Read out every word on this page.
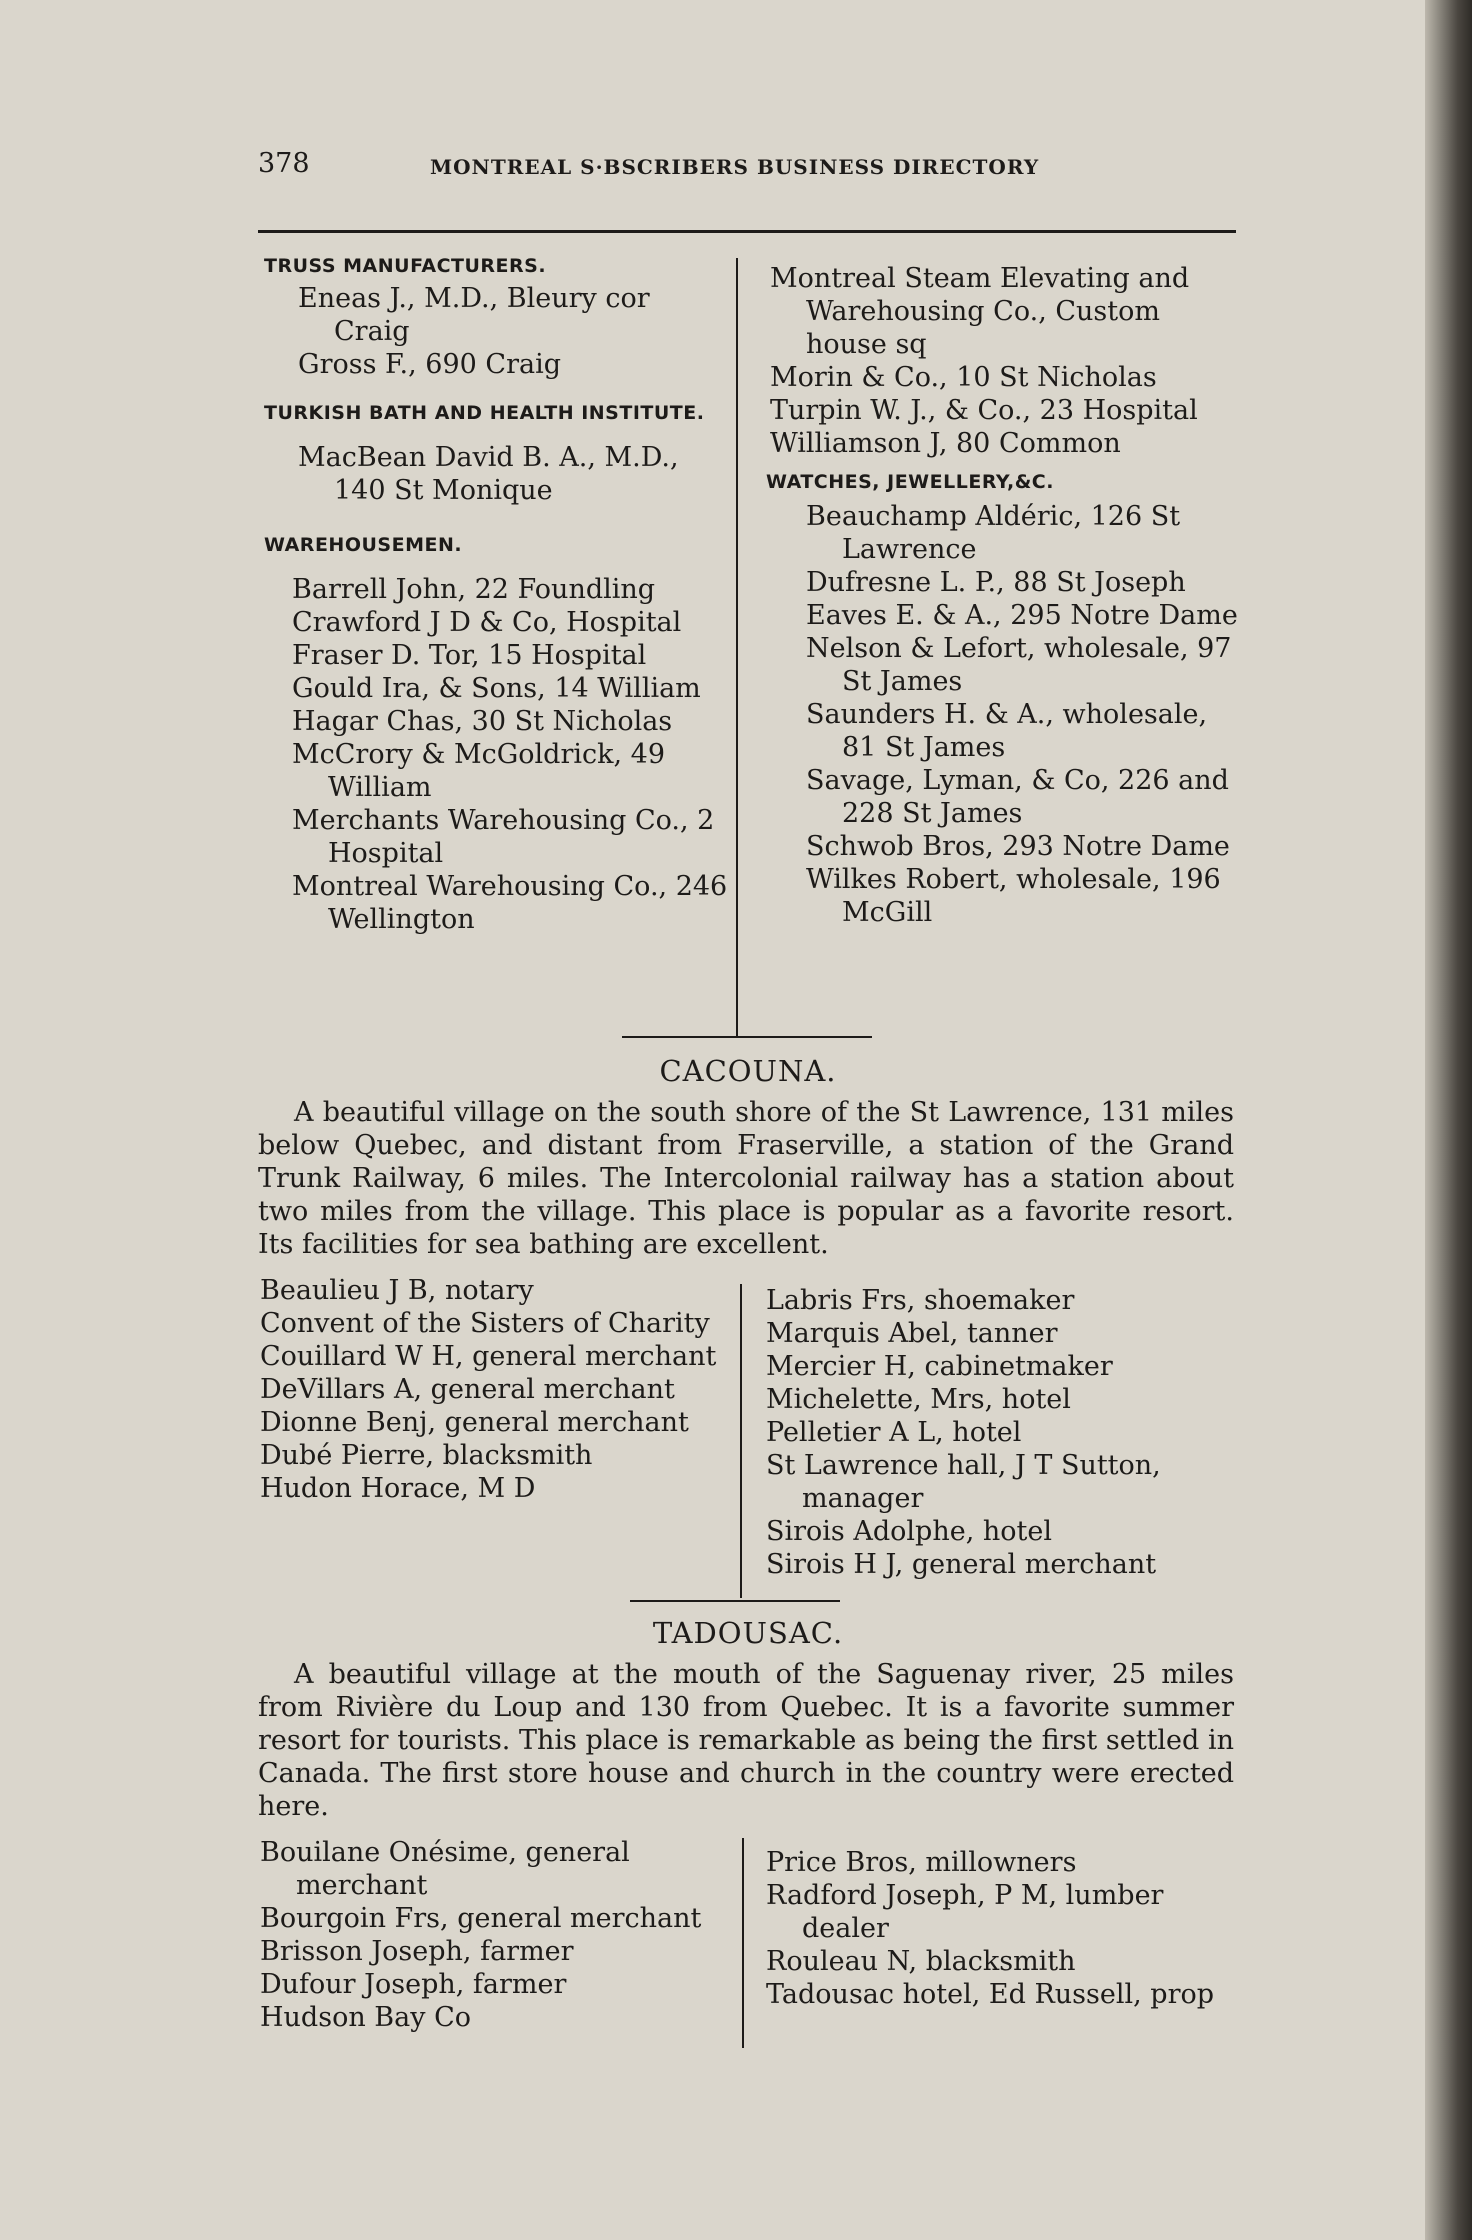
378	MONTREAL S·BSCRIBERS BUSINESS DIRECTORY

TRUSS MANUFACTURERS.

Eneas J., M.D., Bleury cor Craig

Gross F., 690 Craig

TURKISH BATH AND HEALTH INSTITUTE.

MacBean David B. A., M.D., 140 St Monique

WAREHOUSEMEN.

Barrell John, 22 Foundling

Crawford J D & Co, Hospital

Fraser D. Tor, 15 Hospital

Gould Ira, & Sons, 14 William

Hagar Chas, 30 St Nicholas

McCrory & McGoldrick, 49 William

Merchants Warehousing Co., 2 Hospital

Montreal Warehousing Co., 246 Wellington

Montreal Steam Elevating and Warehousing Co., Custom house sq

Morin & Co., 10 St Nicholas

Turpin W. J., & Co., 23 Hospital

Williamson J, 80 Common

WATCHES, JEWELLERY,&C.

Beauchamp Aldéric, 126 St Lawrence

Dufresne L. P., 88 St Joseph

Eaves E. & A., 295 Notre Dame

Nelson & Lefort, wholesale, 97 St James

Saunders H. & A., wholesale, 81 St James

Savage, Lyman, & Co, 226 and 228 St James

Schwob Bros, 293 Notre Dame

Wilkes Robert, wholesale, 196 McGill

CACOUNA.

A beautiful village on the south shore of the St Lawrence, 131 miles below Quebec, and distant from Fraserville, a station of the Grand Trunk Railway, 6 miles. The Intercolonial railway has a station about two miles from the village. This place is popular as a favorite resort. Its facilities for sea bathing are excellent.

Beaulieu J B, notary

Convent of the Sisters of Charity

Couillard W H, general merchant

DeVillars A, general merchant

Dionne Benj, general merchant

Dubé Pierre, blacksmith

Hudon Horace, M D

Labris Frs, shoemaker

Marquis Abel, tanner

Mercier H, cabinetmaker

Michelette, Mrs, hotel

Pelletier A L, hotel

St Lawrence hall, J T Sutton, manager

Sirois Adolphe, hotel

Sirois H J, general merchant

TADOUSAC.

A beautiful village at the mouth of the Saguenay river, 25 miles from Rivière du Loup and 130 from Quebec. It is a favorite summer resort for tourists. This place is remarkable as being the first settled in Canada. The first store house and church in the country were erected here.

Bouilane Onésime, general merchant

Bourgoin Frs, general merchant

Brisson Joseph, farmer

Dufour Joseph, farmer

Hudson Bay Co

Price Bros, millowners

Radford Joseph, P M, lumber dealer

Rouleau N, blacksmith

Tadousac hotel, Ed Russell, prop
